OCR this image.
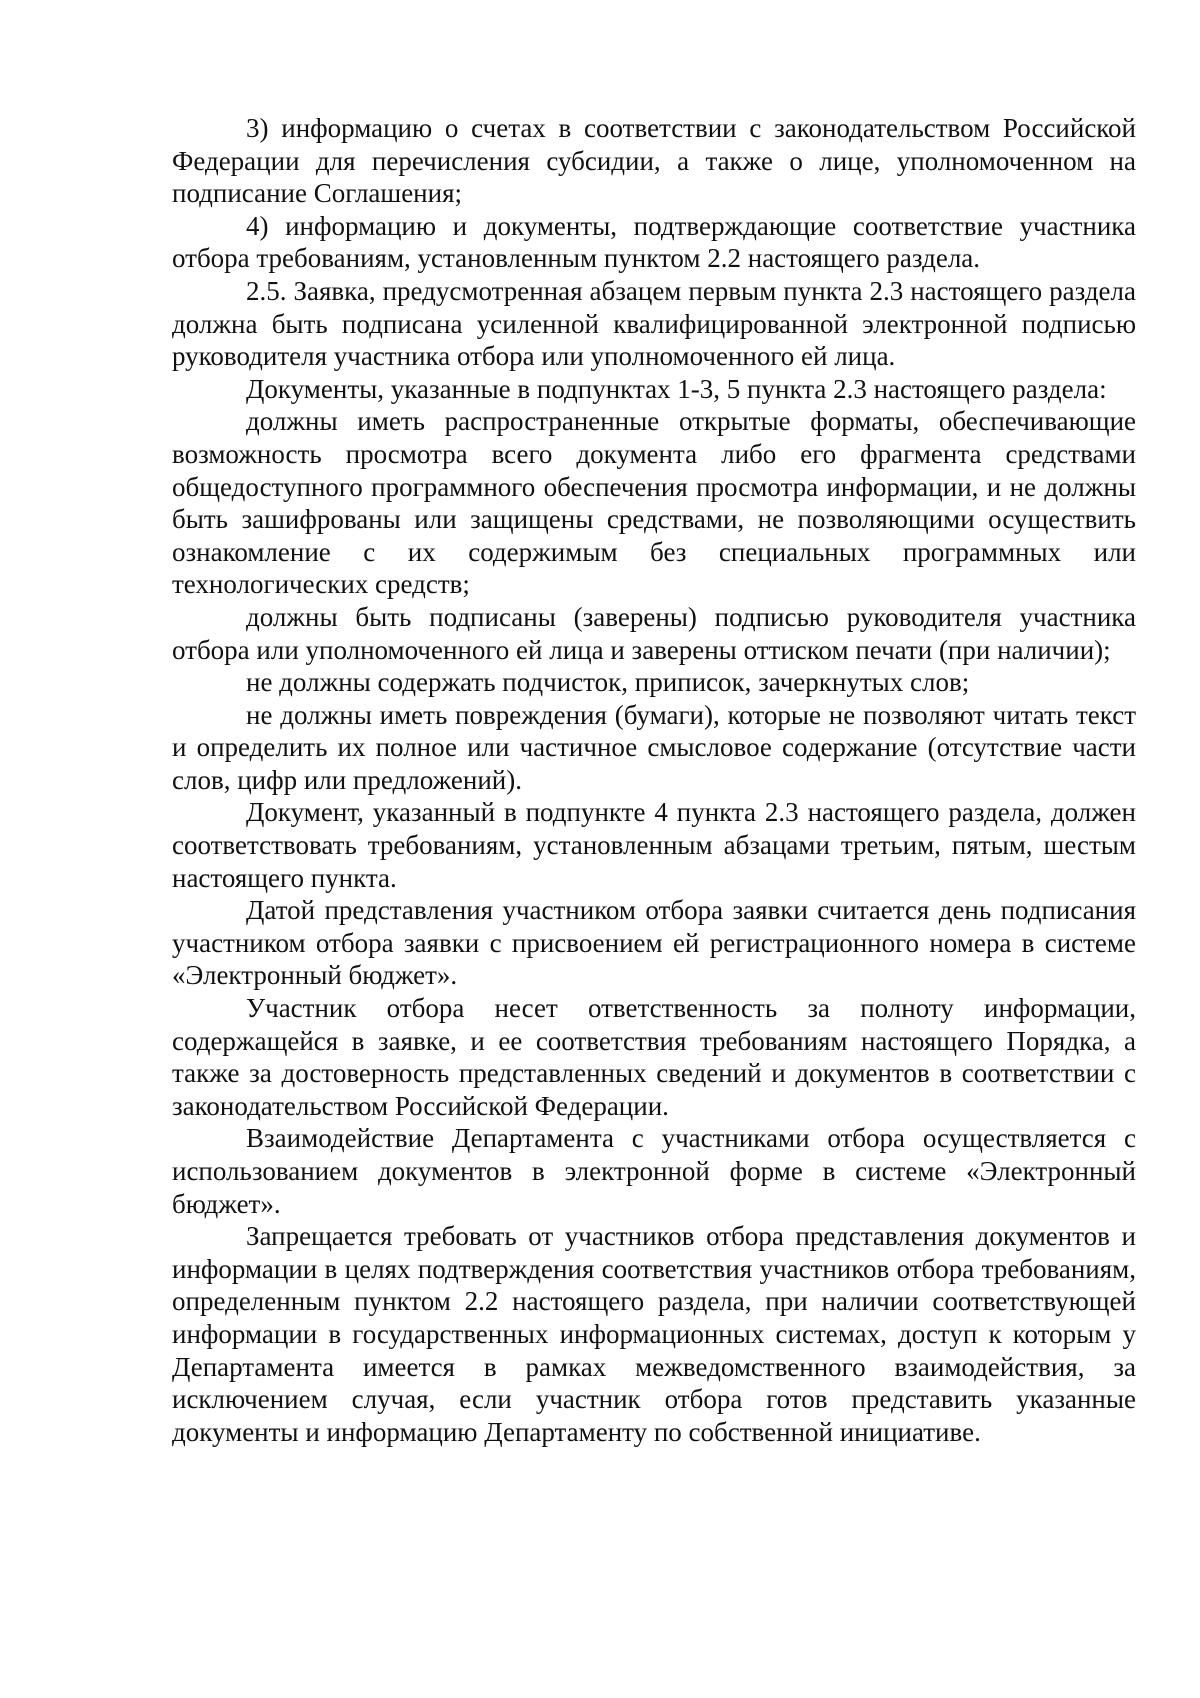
3) информацию о счетах в соответствии с законодательством Российской Федерации для перечисления субсидии, а также о лице, уполномоченном на подписание Соглашения;

4) информацию и документы, подтверждающие соответствие участника отбора требованиям, установленным пунктом 2.2 настоящего раздела.

2.5. Заявка, предусмотренная абзацем первым пункта 2.3 настоящего раздела должна быть подписана усиленной квалифицированной электронной подписью руководителя участника отбора или уполномоченного ей лица.

Документы, указанные в подпунктах 1-3, 5 пункта 2.3 настоящего раздела:

должны иметь распространенные открытые форматы, обеспечивающие возможность просмотра всего документа либо его фрагмента средствами общедоступного программного обеспечения просмотра информации, и не должны быть зашифрованы или защищены средствами, не позволяющими осуществить ознакомление с их содержимым без специальных программных или технологических средств;

должны быть подписаны (заверены) подписью руководителя участника отбора или уполномоченного ей лица и заверены оттиском печати (при наличии);

не должны содержать подчисток, приписок, зачеркнутых слов;

не должны иметь повреждения (бумаги), которые не позволяют читать текст и определить их полное или частичное смысловое содержание (отсутствие части слов, цифр или предложений).

Документ, указанный в подпункте 4 пункта 2.3 настоящего раздела, должен соответствовать требованиям, установленным абзацами третьим, пятым, шестым настоящего пункта.

Датой представления участником отбора заявки считается день подписания участником отбора заявки с присвоением ей регистрационного номера в системе «Электронный бюджет».

Участник отбора несет ответственность за полноту информации, содержащейся в заявке, и ее соответствия требованиям настоящего Порядка, а также за достоверность представленных сведений и документов в соответствии с законодательством Российской Федерации.

Взаимодействие Департамента с участниками отбора осуществляется с использованием документов в электронной форме в системе «Электронный бюджет».

Запрещается требовать от участников отбора представления документов и информации в целях подтверждения соответствия участников отбора требованиям, определенным пунктом 2.2 настоящего раздела, при наличии соответствующей информации в государственных информационных системах, доступ к которым у Департамента имеется в рамках межведомственного взаимодействия, за исключением случая, если участник отбора готов представить указанные документы и информацию Департаменту по собственной инициативе.
